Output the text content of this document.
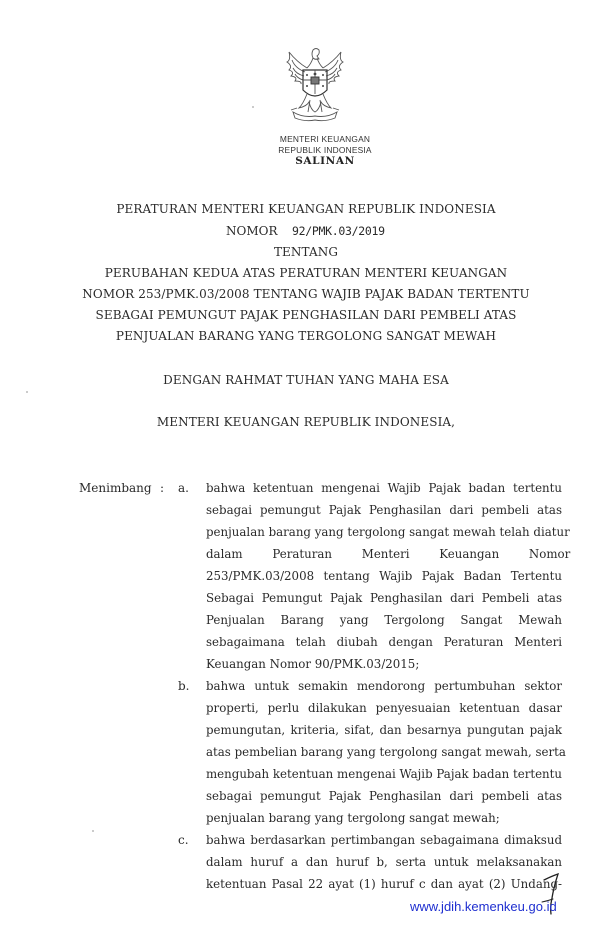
MENTERI KEUANGAN
REPUBLIK INDONESIA
SALINAN
PERATURAN MENTERI KEUANGAN REPUBLIK INDONESIA
NOMOR 92/PMK.03/2019
TENTANG
PERUBAHAN KEDUA ATAS PERATURAN MENTERI KEUANGAN
NOMOR 253/PMK.03/2008 TENTANG WAJIB PAJAK BADAN TERTENTU
SEBAGAI PEMUNGUT PAJAK PENGHASILAN DARI PEMBELI ATAS
PENJUALAN BARANG YANG TERGOLONG SANGAT MEWAH
DENGAN RAHMAT TUHAN YANG MAHA ESA
MENTERI KEUANGAN REPUBLIK INDONESIA,
Menimbang : a. bahwa ketentuan mengenai Wajib Pajak badan tertentu
sebagai pemungut Pajak Penghasilan dari pembeli atas
penjualan barang yang tergolong sangat mewah telah diatur
dalam Peraturan Menteri Keuangan Nomor
253/PMK.03/2008 tentang Wajib Pajak Badan Tertentu
Sebagai Pemungut Pajak Penghasilan dari Pembeli atas
Penjualan Barang yang Tergolong Sangat Mewah
sebagaimana telah diubah dengan Peraturan Menteri
Keuangan Nomor 90/PMK.03/2015;
b. bahwa untuk semakin mendorong pertumbuhan sektor
properti, perlu dilakukan penyesuaian ketentuan dasar
pemungutan, kriteria, sifat, dan besarnya pungutan pajak
atas pembelian barang yang tergolong sangat mewah, serta
mengubah ketentuan mengenai Wajib Pajak badan tertentu
sebagai pemungut Pajak Penghasilan dari pembeli atas
penjualan barang yang tergolong sangat mewah;
c. bahwa berdasarkan pertimbangan sebagaimana dimaksud
dalam huruf a dan huruf b, serta untuk melaksanakan
ketentuan Pasal 22 ayat (1) huruf c dan ayat (2) Undang-
www.jdih.kemenkeu.go.id
